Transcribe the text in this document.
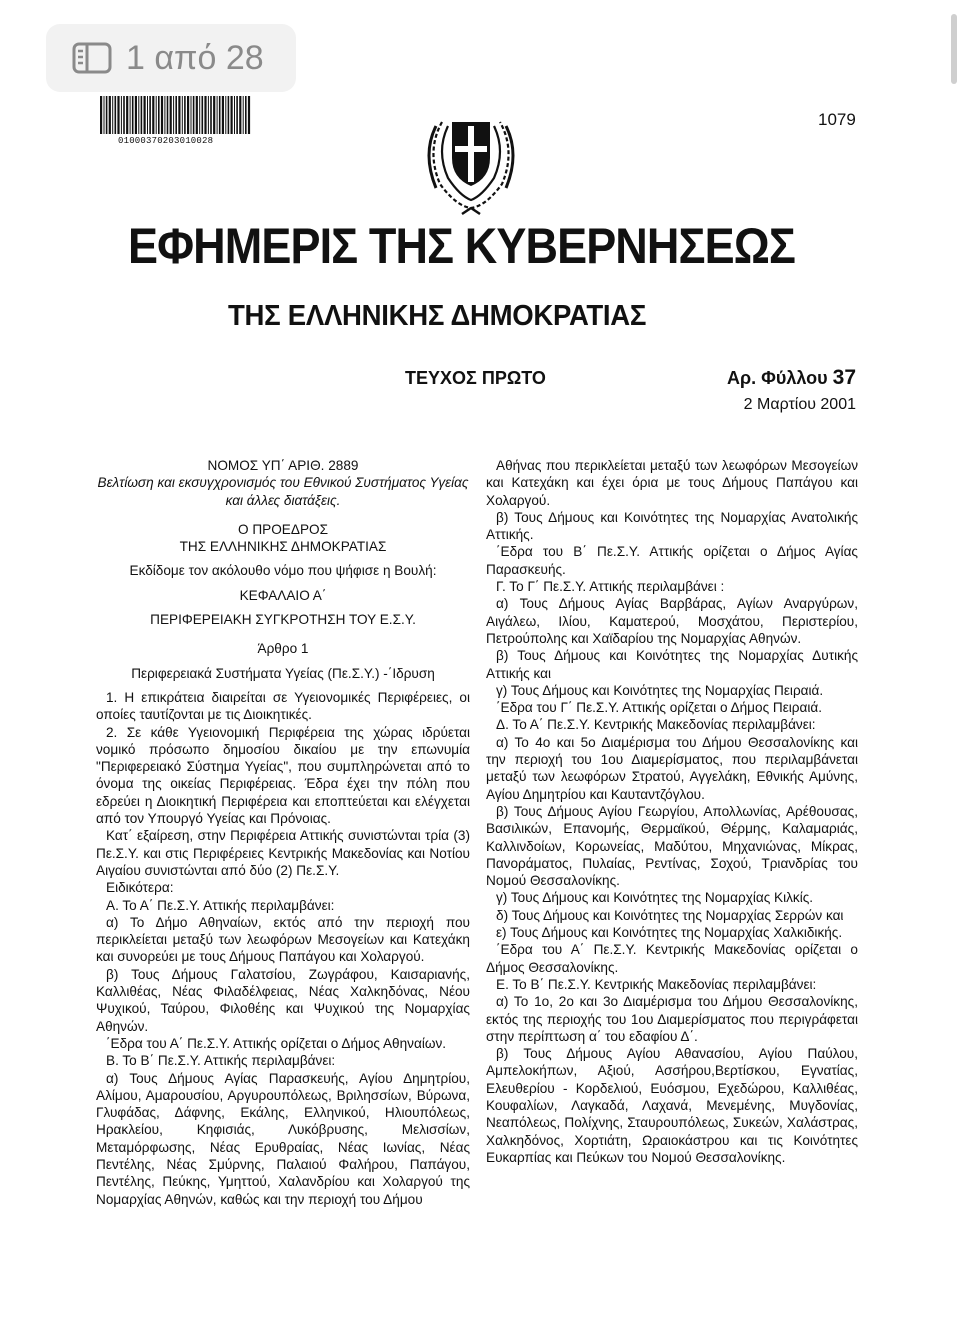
1 από 28
01000370203010028
1079
ΕΦΗΜΕΡΙΣ ΤΗΣ ΚΥΒΕΡΝΗΣΕΩΣ
ΤΗΣ ΕΛΛΗΝΙΚΗΣ ΔΗΜΟΚΡΑΤΙΑΣ
ΤΕΥΧΟΣ ΠΡΩΤΟ	Αρ. Φύλλου 37
2 Μαρτίου 2001

ΝΟΜΟΣ ΥΠ΄ ΑΡΙΘ. 2889

Βελτίωση και εκσυγχρονισμός του Εθνικού Συστήματος Υγείας και άλλες διατάξεις.

Ο ΠΡΟΕΔΡΟΣ

ΤΗΣ ΕΛΛΗΝΙΚΗΣ ΔΗΜΟΚΡΑΤΙΑΣ

Εκδίδομε τον ακόλουθο νόμο που ψήφισε η Βουλή:

ΚΕΦΑΛΑΙΟ Α΄

ΠΕΡΙΦΕΡΕΙΑΚΗ ΣΥΓΚΡΟΤΗΣΗ ΤΟΥ Ε.Σ.Υ.

Άρθρο 1

Περιφερειακά Συστήματα Υγείας (Πε.Σ.Υ.) -΄Ιδρυση

1. Η επικράτεια διαιρείται σε Υγειονομικές Περιφέρειες, οι οποίες ταυτίζονται με τις Διοικητικές.

2. Σε κάθε Υγειονομική Περιφέρεια της χώρας ιδρύεται νομικό πρόσωπο δημοσίου δικαίου με την επωνυμία "Περιφερειακό Σύστημα Υγείας", που συμπληρώνεται από το όνομα της οικείας Περιφέρειας. Έδρα έχει την πόλη που εδρεύει η Διοικητική Περιφέρεια και εποπτεύεται και ελέγχεται από τον Υπουργό Υγείας και Πρόνοιας.

Κατ΄ εξαίρεση, στην Περιφέρεια Αττικής συνιστώνται τρία (3) Πε.Σ.Υ. και στις Περιφέρειες Κεντρικής Μακεδονίας και Νοτίου Αιγαίου συνιστώνται από δύο (2) Πε.Σ.Υ.

Ειδικότερα:

Α. Το Α΄ Πε.Σ.Υ. Αττικής περιλαμβάνει:

α) Το Δήμο Αθηναίων, εκτός από την περιοχή που περικλείεται μεταξύ των λεωφόρων Μεσογείων και Κατεχάκη και συνορεύει με τους Δήμους Παπάγου και Χολαργού.

β) Τους Δήμους Γαλατσίου, Ζωγράφου, Καισαριανής, Καλλιθέας, Νέας Φιλαδέλφειας, Νέας Χαλκηδόνας, Νέου Ψυχικού, Ταύρου, Φιλοθέης και Ψυχικού της Νομαρχίας Αθηνών.

΄Εδρα του Α΄ Πε.Σ.Υ. Αττικής ορίζεται ο Δήμος Αθηναίων.

Β. Το Β΄ Πε.Σ.Υ. Αττικής περιλαμβάνει:

α) Τους Δήμους Αγίας Παρασκευής, Αγίου Δημητρίου, Αλίμου, Αμαρουσίου, Αργυρουπόλεως, Βριλησσίων, Βύρωνα, Γλυφάδας, Δάφνης, Εκάλης, Ελληνικού, Ηλιουπόλεως, Ηρακλείου, Κηφισιάς, Λυκόβρυσης, Μελισσίων, Μεταμόρφωσης, Νέας Ερυθραίας, Νέας Ιωνίας, Νέας Πεντέλης, Νέας Σμύρνης, Παλαιού Φαλήρου, Παπάγου, Πεντέλης, Πεύκης, Υμηττού, Χαλανδρίου και Χολαργού της Νομαρχίας Αθηνών, καθώς και την περιοχή του Δήμου

Αθήνας που περικλείεται μεταξύ των λεωφόρων Μεσογείων και Κατεχάκη και έχει όρια με τους Δήμους Παπάγου και Χολαργού.

β) Τους Δήμους και Κοινότητες της Νομαρχίας Ανατολικής Αττικής.

΄Εδρα του Β΄ Πε.Σ.Υ. Αττικής ορίζεται ο Δήμος Αγίας Παρασκευής.

Γ. Το Γ΄ Πε.Σ.Υ. Αττικής περιλαμβάνει :

α) Τους Δήμους Αγίας Βαρβάρας, Αγίων Αναργύρων, Αιγάλεω, Ιλίου, Καματερού, Μοσχάτου, Περιστερίου, Πετρούπολης και Χαϊδαρίου της Νομαρχίας Αθηνών.

β) Τους Δήμους και Κοινότητες της Νομαρχίας Δυτικής Αττικής και

γ) Τους Δήμους και Κοινότητες της Νομαρχίας Πειραιά.

΄Εδρα του Γ΄ Πε.Σ.Υ. Αττικής ορίζεται ο Δήμος Πειραιά.

Δ. Το Α΄ Πε.Σ.Υ. Κεντρικής Μακεδονίας περιλαμβάνει:

α) Το 4ο και 5ο Διαμέρισμα του Δήμου Θεσσαλονίκης και την περιοχή του 1ου Διαμερίσματος, που περιλαμβάνεται μεταξύ των λεωφόρων Στρατού, Αγγελάκη, Εθνικής Αμύνης, Αγίου Δημητρίου και Καυταντζόγλου.

β) Τους Δήμους Αγίου Γεωργίου, Απολλωνίας, Αρέθουσας, Βασιλικών, Επανομής, Θερμαϊκού, Θέρμης, Καλαμαριάς, Καλλινδοίων, Κορωνείας, Μαδύτου, Μηχανιώνας, Μίκρας, Πανοράματος, Πυλαίας, Ρεντίνας, Σοχού, Τριανδρίας του Νομού Θεσσαλονίκης.

γ) Τους Δήμους και Κοινότητες της Νομαρχίας Κιλκίς.

δ) Τους Δήμους και Κοινότητες της Νομαρχίας Σερρών και

ε) Τους Δήμους και Κοινότητες της Νομαρχίας Χαλκιδικής.

΄Εδρα του Α΄ Πε.Σ.Υ. Κεντρικής Μακεδονίας ορίζεται ο Δήμος Θεσσαλονίκης.

Ε. Το Β΄ Πε.Σ.Υ. Κεντρικής Μακεδονίας περιλαμβάνει:

α) Το 1ο, 2ο και 3ο Διαμέρισμα του Δήμου Θεσσαλονίκης, εκτός της περιοχής του 1ου Διαμερίσματος που περιγράφεται στην περίπτωση α΄ του εδαφίου Δ΄.

β) Τους Δήμους Αγίου Αθανασίου, Αγίου Παύλου, Αμπελοκήπων, Αξιού, Ασσήρου,Βερτίσκου, Εγνατίας, Ελευθερίου - Κορδελιού, Ευόσμου, Εχεδώρου, Καλλιθέας, Κουφαλίων, Λαγκαδά, Λαχανά, Μενεμένης, Μυγδονίας, Νεαπόλεως, Πολίχνης, Σταυρουπόλεως, Συκεών, Χαλάστρας, Χαλκηδόνος, Χορτιάτη, Ωραιοκάστρου και τις Κοινότητες Ευκαρπίας και Πεύκων του Νομού Θεσσαλονίκης.
